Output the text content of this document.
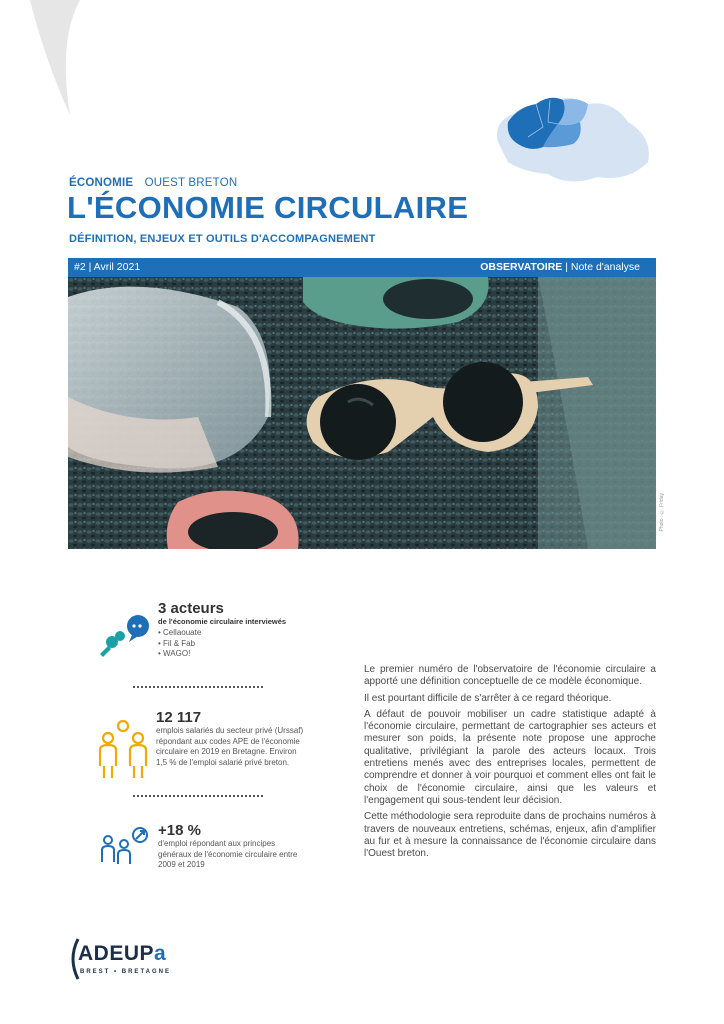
ÉCONOMIE OUEST BRETON
L'ÉCONOMIE CIRCULAIRE
DÉFINITION, ENJEUX ET OUTILS D'ACCOMPAGNEMENT
#2 | Avril 2021	OBSERVATOIRE | Note d'analyse
Photo : © Friday
3 acteurs
de l'économie circulaire interviewés
• Cellaouate
• Fil & Fab
• WAGO!
12 117
emplois salariés du secteur privé (Urssaf) répondant aux codes APE de l'économie circulaire en 2019 en Bretagne. Environ 1,5 % de l'emploi salarié privé breton.
+18 %
d'emploi répondant aux principes généraux de l'économie circulaire entre 2009 et 2019

Le premier numéro de l'observatoire de l'économie circulaire a apporté une définition conceptuelle de ce modèle économique.

Il est pourtant difficile de s'arrêter à ce regard théorique.

A défaut de pouvoir mobiliser un cadre statistique adapté à l'économie circulaire, permettant de cartographier ses acteurs et mesurer son poids, la présente note propose une approche qualitative, privilégiant la parole des acteurs locaux. Trois entretiens menés avec des entreprises locales, permettent de comprendre et donner à voir pourquoi et comment elles ont fait le choix de l'économie circulaire, ainsi que les valeurs et l'engagement qui sous-tendent leur décision.

Cette méthodologie sera reproduite dans de prochains numéros à travers de nouveaux entretiens, schémas, enjeux, afin d'amplifier au fur et à mesure la connaissance de l'économie circulaire dans l'Ouest breton.

ADEUPa
BREST • BRETAGNE
